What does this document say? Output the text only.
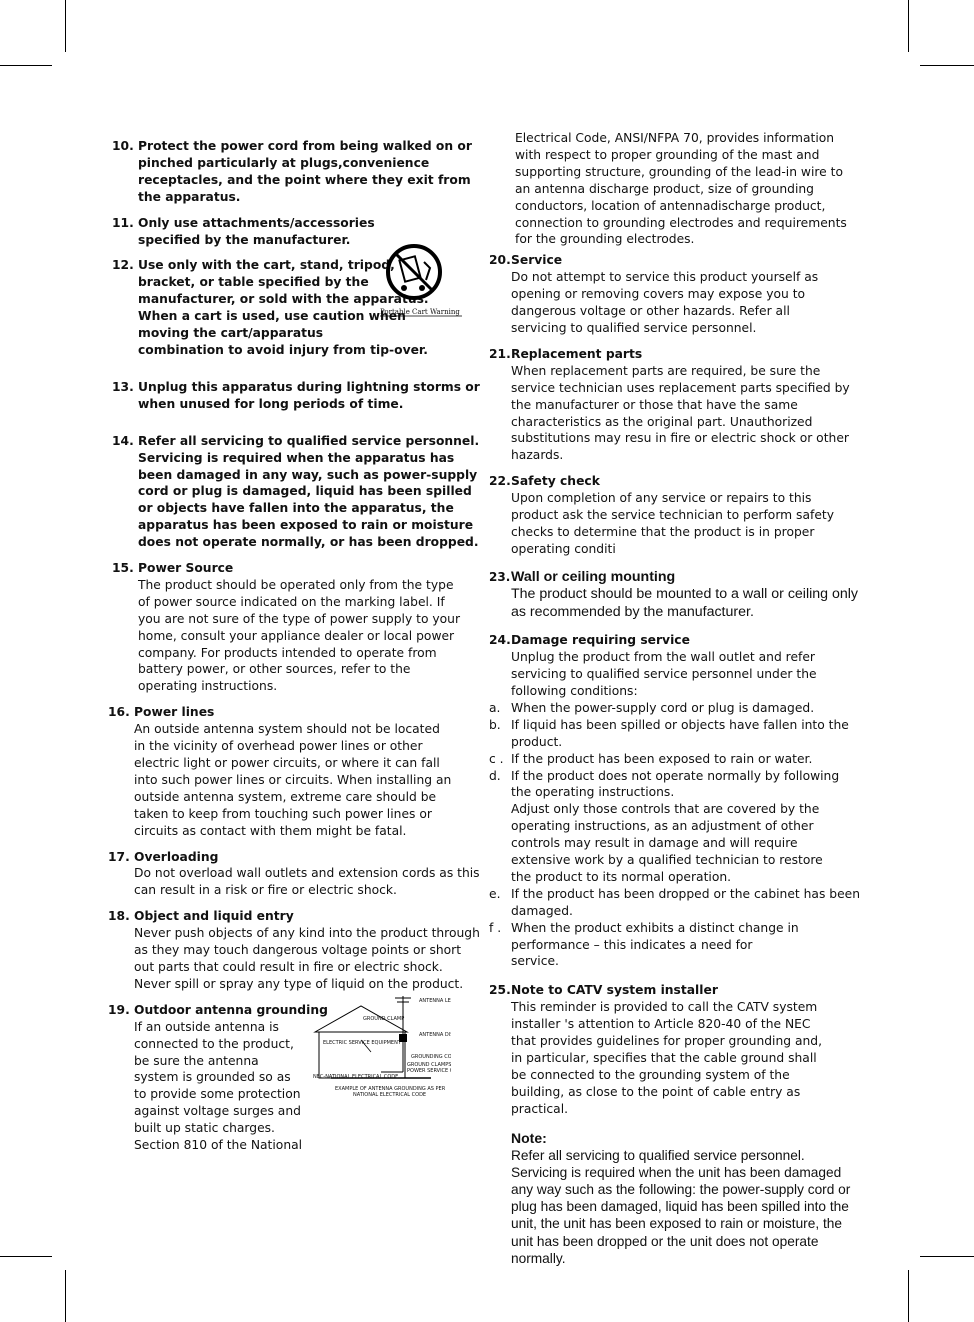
10. Protect the power cord from being walked on or pinched particularly at plugs,convenience receptacles, and the point where they exit from the apparatus.
11. Only use attachments/accessories specified by the manufacturer.
12. Use only with the cart, stand, tripod,
bracket, or table specified by the
manufacturer, or sold with the apparatus.
When a cart is used, use caution when
moving the cart/apparatus
combination to avoid injury from tip-over.
13. Unplug this apparatus during lightning storms or when unused for long periods of time.
14. Refer all servicing to qualified service personnel. Servicing is required when the apparatus has been damaged in any way, such as power-supply cord or plug is damaged, liquid has been spilled or objects have fallen into the apparatus, the apparatus has been exposed to rain or moisture does not operate normally, or has been dropped.
15. Power Source
The product should be operated only from the type of power source indicated on the marking label. If you are not sure of the type of power supply to your home, consult your appliance dealer or local power company. For products intended to operate from battery power, or other sources, refer to the operating instructions.
16. Power lines
An outside antenna system should not be located in the vicinity of overhead power lines or other electric light or power circuits, or where it can fall into such power lines or circuits. When installing an outside antenna system, extreme care should be taken to keep from touching such power lines or circuits as contact with them might be fatal.
17. Overloading
Do not overload wall outlets and extension cords as this can result in a risk or fire or electric shock.
18. Object and liquid entry
Never push objects of any kind into the product through as they may touch dangerous voltage points or short out parts that could result in fire or electric shock.
Never spill or spray any type of liquid on the product.
19. Outdoor antenna grounding
If an outside antenna is
connected to the product,
be sure the antenna
system is grounded so as
to provide some protection
against voltage surges and
built up static charges.
Section 810 of the National
Portable Cart Warning
ANTENNA LE
GROUND CLAMP
ANTENNA DI
ELECTRIC SERVICE EQUIPMENT
GROUNDING CO
GROUND CLAMPS
POWER SERVICE
NEC-NATIONAL ELECTRICAL CODE
EXAMPLE OF ANTENNA GROUNDING AS PER
NATIONAL ELECTRICAL CODE
Electrical Code, ANSI/NFPA 70, provides information with respect to proper grounding of the mast and supporting structure, grounding of the lead-in wire to an antenna discharge product, size of grounding conductors, location of antennadischarge product, connection to grounding electrodes and requirements for the grounding electrodes.
20.Service
Do not attempt to service this product yourself as opening or removing covers may expose you to dangerous voltage or other hazards. Refer all servicing to qualified service personnel.
21.Replacement parts
When replacement parts are required, be sure the service technician uses replacement parts specified by the manufacturer or those that have the same characteristics as the original part. Unauthorized substitutions may resu in fire or electric shock or other hazards.
22.Safety check
Upon completion of any service or repairs to this product ask the service technician to perform safety checks to determine that the product is in proper operating conditi
23.Wall or ceiling mounting
The product should be mounted to a wall or ceiling only as recommended by the manufacturer.
24.Damage requiring service
Unplug the product from the wall outlet and refer servicing to qualified service personnel under the following conditions:
a. When the power-supply cord or plug is damaged.
b. If liquid has been spilled or objects have fallen into the product.
c . If the product has been exposed to rain or water.
d. If the product does not operate normally by following the operating instructions.
Adjust only those controls that are covered by the operating instructions, as an adjustment of other controls may result in damage and will require extensive work by a qualified technician to restore the product to its normal operation.
e. If the product has been dropped or the cabinet has been damaged.
f . When the product exhibits a distinct change in performance – this indicates a need for service.
25.Note to CATV system installer
This reminder is provided to call the CATV system installer 's attention to Article 820-40 of the NEC that provides guidelines for proper grounding and, in particular, specifies that the cable ground shall be connected to the grounding system of the building, as close to the point of cable entry as practical.
Note:
Refer all servicing to qualified service personnel. Servicing is required when the unit has been damaged any way such as the following: the power-supply cord or plug has been damaged, liquid has been spilled into the unit, the unit has been exposed to rain or moisture, the unit has been dropped or the unit does not operate normally.
